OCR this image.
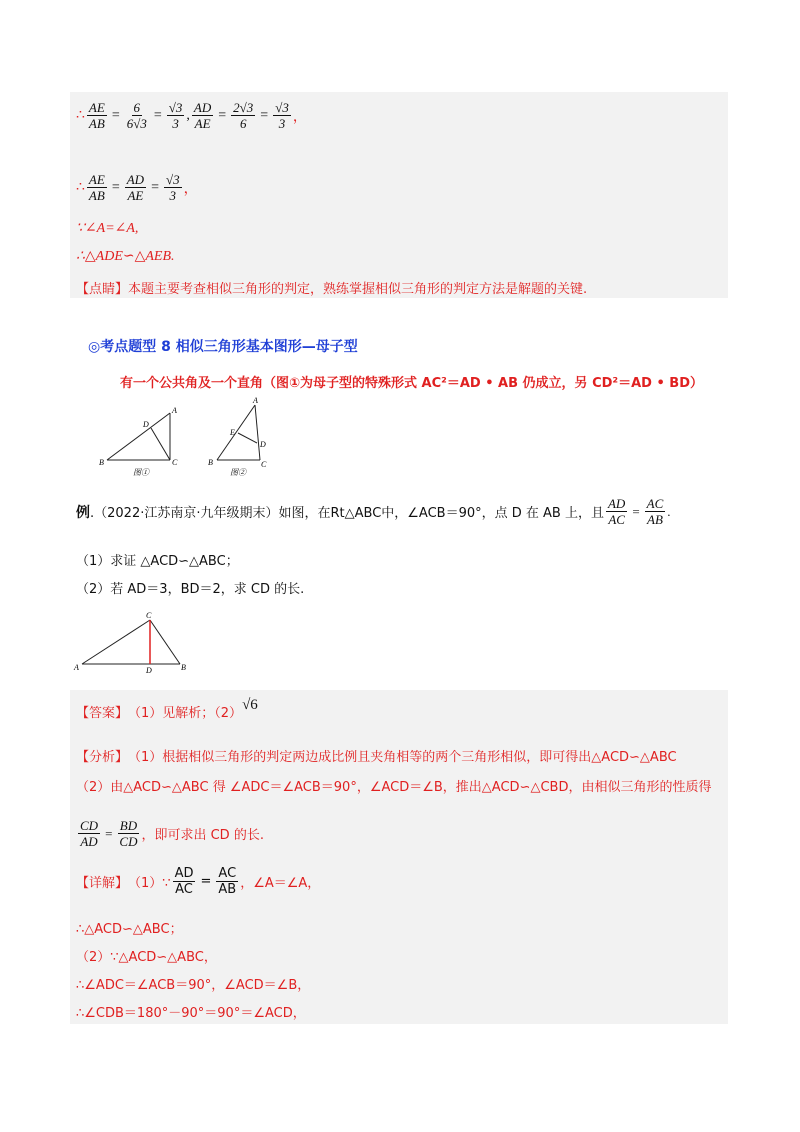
∴ $\frac{AE}{AB} = \frac{6}{6√3} = \frac{√3}{3}$ , $\frac{AD}{AE} = \frac{2√3}{6} = \frac{√3}{3}$ ，
∴ $\frac{AE}{AB} = \frac{AD}{AE} = \frac{√3}{3}$ ，
∵∠A=∠A,
∴△ADE∽△AEB.
【点睛】本题主要考查相似三角形的判定，熟练掌握相似三角形的判定方法是解题的关键.
◎考点题型 8 相似三角形基本图形—母子型
有一个公共角及一个直角（图①为母子型的特殊形式 AC²＝AD • AB 仍成立，另 CD²＝AD • BD）
A
B	C
D
图①
A
B	C
D
E
图②
例 .（2022·江苏南京·九年级期末）如图，在Rt△ABC中，∠ACB＝90°，点 D 在 AB 上，且 $\frac{AD}{AC} = \frac{AC}{AB}$ .
（1）求证 △ACD∽△ABC；
（2）若 AD＝3，BD＝2，求 CD 的长.
A	B
C
D
【答案】 （1）见解析；（2）
√6
【分析】 （1）根据相似三角形的判定两边成比例且夹角相等的两个三角形相似，即可得出△ACD∽△ABC
（2）由△ACD∽△ABC 得 ∠ADC＝∠ACB＝90°，∠ACD＝∠B，推出△ACD∽△CBD，由相似三角形的性质得
$\frac{CD}{AD} = \frac{BD}{CD}$ ，即可求出 CD 的长.
【详解】 （1）∵ $\frac{AD}{AC} = \frac{AC}{AB}$ ，∠A＝∠A，
∴△ACD∽△ABC；
（2）∵△ACD∽△ABC，
∴∠ADC＝∠ACB＝90°，∠ACD＝∠B，
∴∠CDB＝180°－90°＝90°＝∠ACD，
